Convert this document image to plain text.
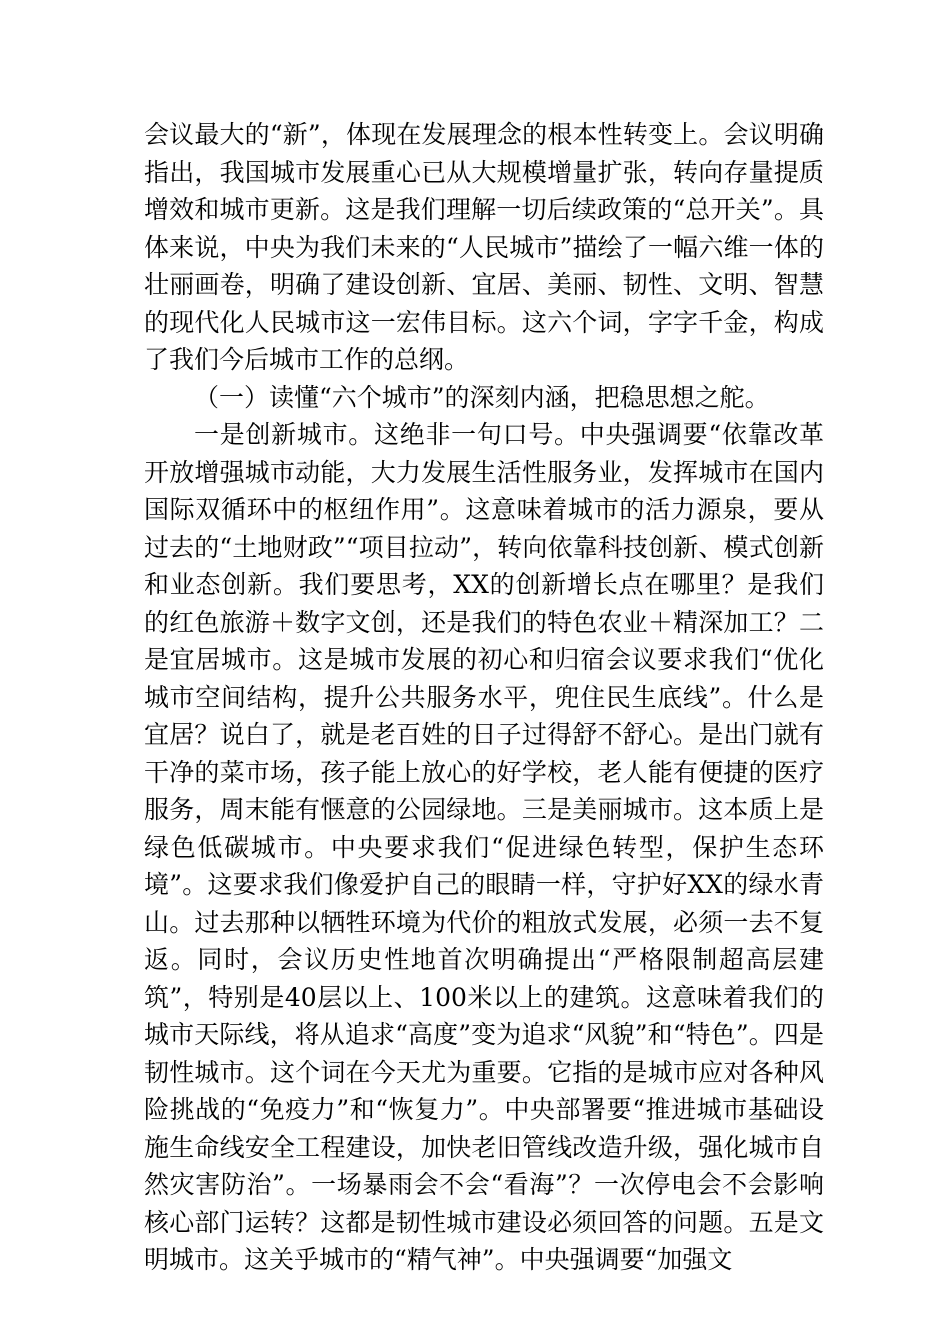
会议最大的“新”，体现在发展理念的根本性转变上。会议明确指出，我国城市发展重心已从大规模增量扩张，转向存量提质增效和城市更新。这是我们理解一切后续政策的“总开关”。具体来说，中央为我们未来的“人民城市”描绘了一幅六维一体的壮丽画卷，明确了建设创新、宜居、美丽、韧性、文明、智慧的现代化人民城市这一宏伟目标。这六个词，字字千金，构成了我们今后城市工作的总纲。

（一）读懂“六个城市”的深刻内涵，把稳思想之舵。

一是创新城市。这绝非一句口号。中央强调要“依靠改革开放增强城市动能，大力发展生活性服务业，发挥城市在国内国际双循环中的枢纽作用”。这意味着城市的活力源泉，要从过去的“土地财政”“项目拉动”，转向依靠科技创新、模式创新和业态创新。我们要思考，XX的创新增长点在哪里？是我们的红色旅游＋数字文创，还是我们的特色农业＋精深加工？二是宜居城市。这是城市发展的初心和归宿会议要求我们“优化城市空间结构，提升公共服务水平，兜住民生底线”。什么是宜居？说白了，就是老百姓的日子过得舒不舒心。是出门就有干净的菜市场，孩子能上放心的好学校，老人能有便捷的医疗服务，周末能有惬意的公园绿地。三是美丽城市。这本质上是绿色低碳城市。中央要求我们“促进绿色转型，保护生态环境”。这要求我们像爱护自己的眼睛一样，守护好XX的绿水青山。过去那种以牺牲环境为代价的粗放式发展，必须一去不复返。同时，会议历史性地首次明确提出“严格限制超高层建筑”，特别是40层以上、100米以上的建筑。这意味着我们的城市天际线，将从追求“高度”变为追求“风貌”和“特色”。四是韧性城市。这个词在今天尤为重要。它指的是城市应对各种风险挑战的“免疫力”和“恢复力”。中央部署要“推进城市基础设施生命线安全工程建设，加快老旧管线改造升级，强化城市自然灾害防治”。一场暴雨会不会“看海”？一次停电会不会影响核心部门运转？这都是韧性城市建设必须回答的问题。五是文明城市。这关乎城市的“精气神”。中央强调要“加强文
